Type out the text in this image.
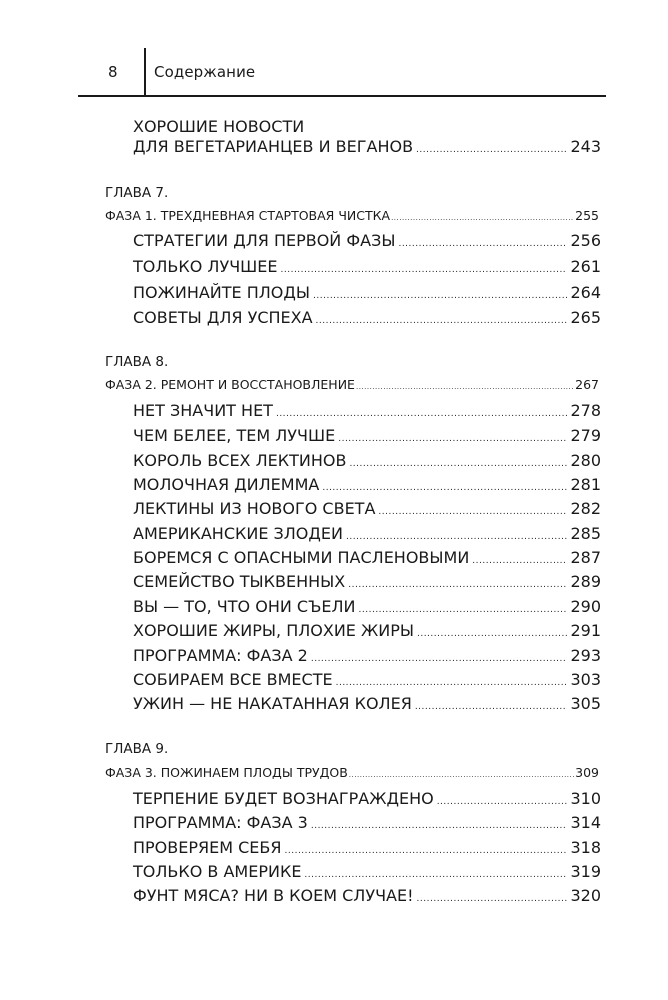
8 Содержание
ХОРОШИЕ НОВОСТИ
ДЛЯ ВЕГЕТАРИАНЦЕВ И ВЕГАНОВ .....	243
ГЛАВА 7.
ФАЗА 1. ТРЕХДНЕВНАЯ СТАРТОВАЯ ЧИСТКА .....	255
СТРАТЕГИИ ДЛЯ ПЕРВОЙ ФАЗЫ .....	256
ТОЛЬКО ЛУЧШЕЕ .....	261
ПОЖИНАЙТЕ ПЛОДЫ .....	264
СОВЕТЫ ДЛЯ УСПЕХА .....	265
ГЛАВА 8.
ФАЗА 2. РЕМОНТ И ВОССТАНОВЛЕНИЕ .....	267
НЕТ ЗНАЧИТ НЕТ .....	278
ЧЕМ БЕЛЕЕ, ТЕМ ЛУЧШЕ .....	279
КОРОЛЬ ВСЕХ ЛЕКТИНОВ .....	280
МОЛОЧНАЯ ДИЛЕММА .....	281
ЛЕКТИНЫ ИЗ НОВОГО СВЕТА .....	282
АМЕРИКАНСКИЕ ЗЛОДЕИ .....	285
БОРЕМСЯ С ОПАСНЫМИ ПАСЛЕНОВЫМИ .....	287
СЕМЕЙСТВО ТЫКВЕННЫХ .....	289
ВЫ — ТО, ЧТО ОНИ СЪЕЛИ .....	290
ХОРОШИЕ ЖИРЫ, ПЛОХИЕ ЖИРЫ .....	291
ПРОГРАММА: ФАЗА 2 .....	293
СОБИРАЕМ ВСЕ ВМЕСТЕ .....	303
УЖИН — НЕ НАКАТАННАЯ КОЛЕЯ .....	305
ГЛАВА 9.
ФАЗА 3. ПОЖИНАЕМ ПЛОДЫ ТРУДОВ .....	309
ТЕРПЕНИЕ БУДЕТ ВОЗНАГРАЖДЕНО .....	310
ПРОГРАММА: ФАЗА 3 .....	314
ПРОВЕРЯЕМ СЕБЯ .....	318
ТОЛЬКО В АМЕРИКЕ .....	319
ФУНТ МЯСА? НИ В КОЕМ СЛУЧАЕ! .....	320
